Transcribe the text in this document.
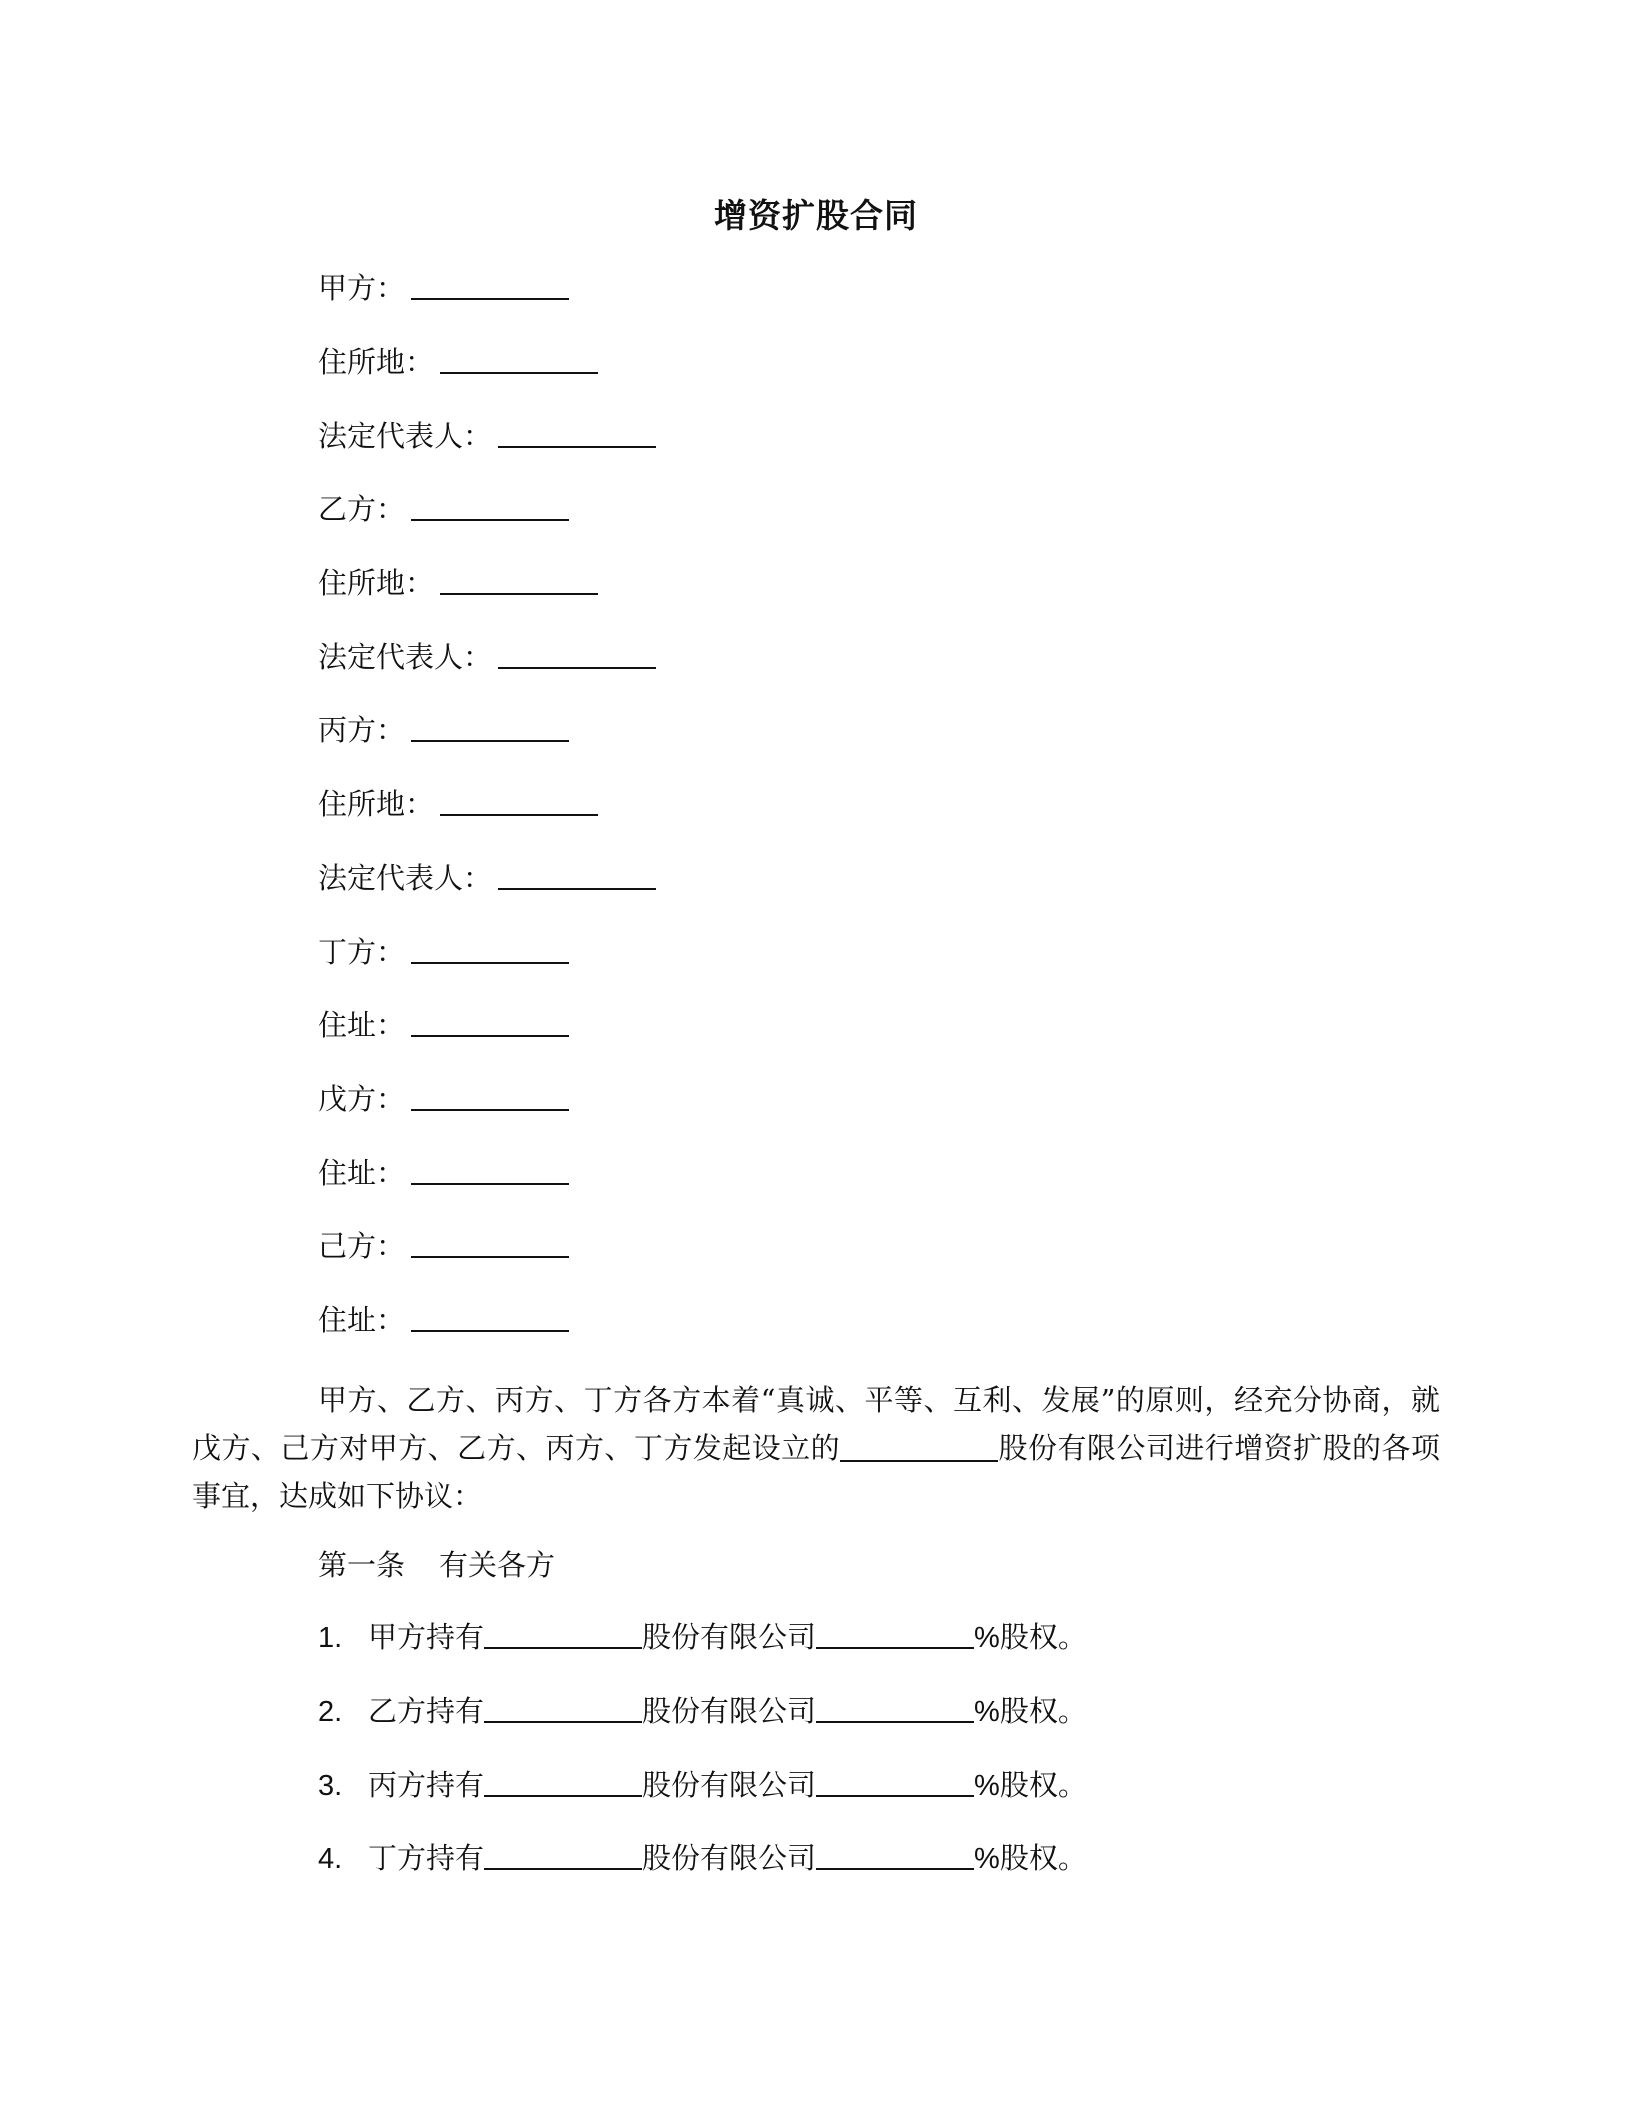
增资扩股合同
甲方：
住所地：
法定代表人：
乙方：
住所地：
法定代表人：
丙方：
住所地：
法定代表人：
丁方：
住址：
戊方：
住址：
己方：
住址：

甲方、乙方、丙方、丁方各方本着“真诚、平等、互利、发展”的原则，经充分协商，就戊方、己方对甲方、乙方、丙方、丁方发起设立的	股份有限公司进行增资扩股的各项事宜，达成如下协议：

第一条 有关各方

1. 甲方持有	股份有限公司	%股权。
2. 乙方持有	股份有限公司	%股权。
3. 丙方持有	股份有限公司	%股权。
4. 丁方持有	股份有限公司	%股权。
